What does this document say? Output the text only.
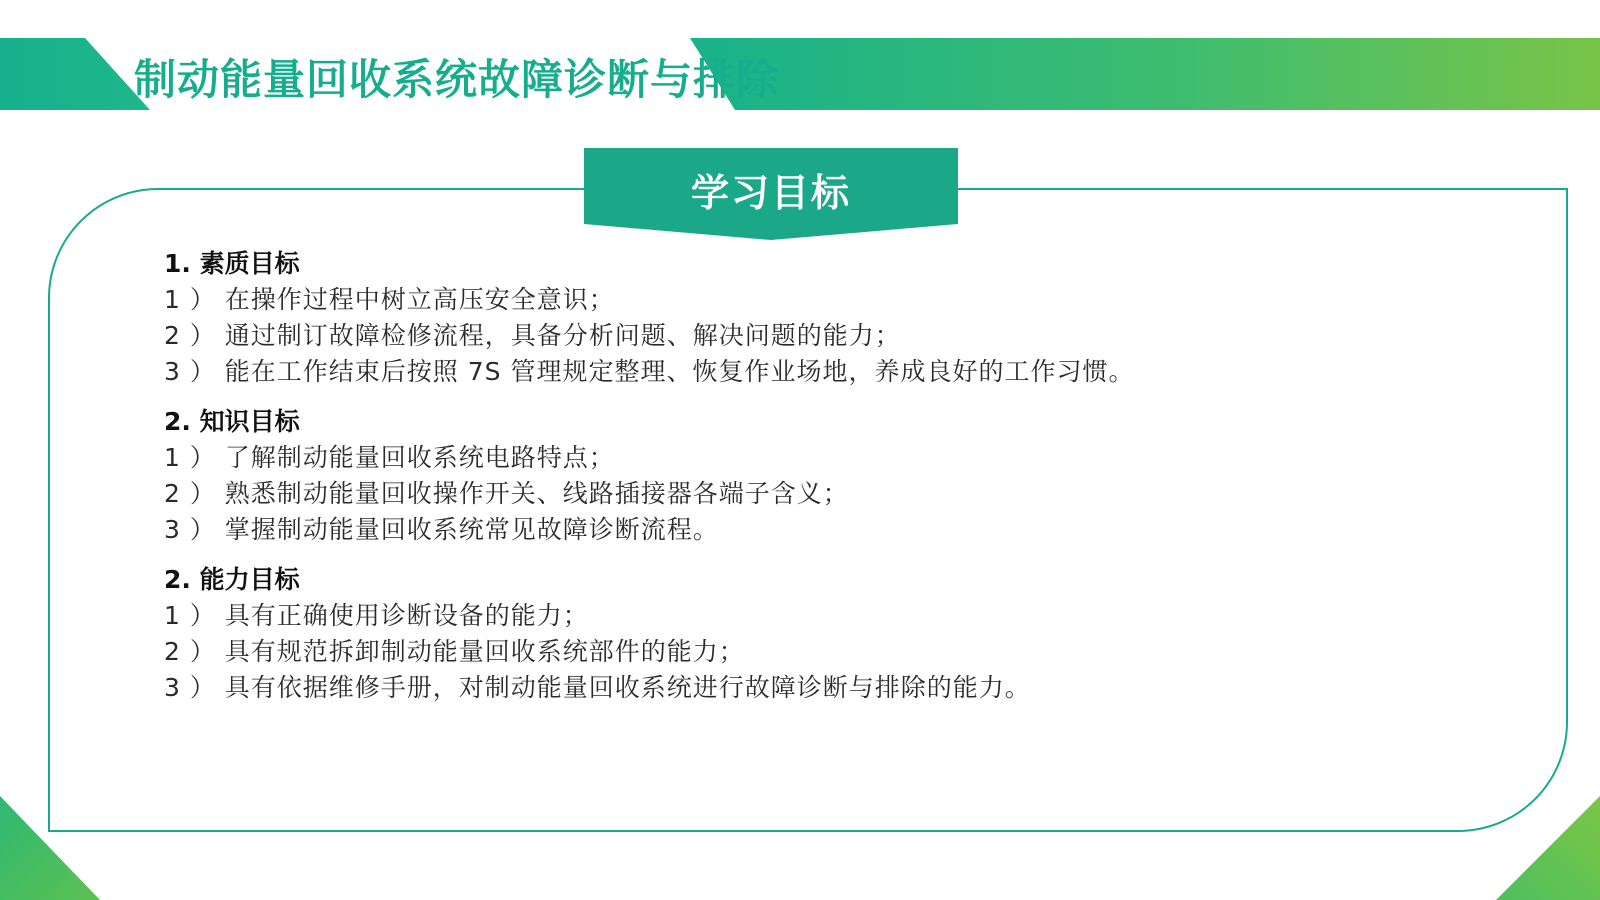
制动能量回收系统故障诊断与排除
学习目标
1. 素质目标
1 ） 在操作过程中树立高压安全意识；
2 ） 通过制订故障检修流程，具备分析问题、解决问题的能力；
3 ） 能在工作结束后按照 7S 管理规定整理、恢复作业场地，养成良好的工作习惯。
2. 知识目标
1 ） 了解制动能量回收系统电路特点；
2 ） 熟悉制动能量回收操作开关、线路插接器各端子含义；
3 ） 掌握制动能量回收系统常见故障诊断流程。
2. 能力目标
1 ） 具有正确使用诊断设备的能力；
2 ） 具有规范拆卸制动能量回收系统部件的能力；
3 ） 具有依据维修手册，对制动能量回收系统进行故障诊断与排除的能力。
